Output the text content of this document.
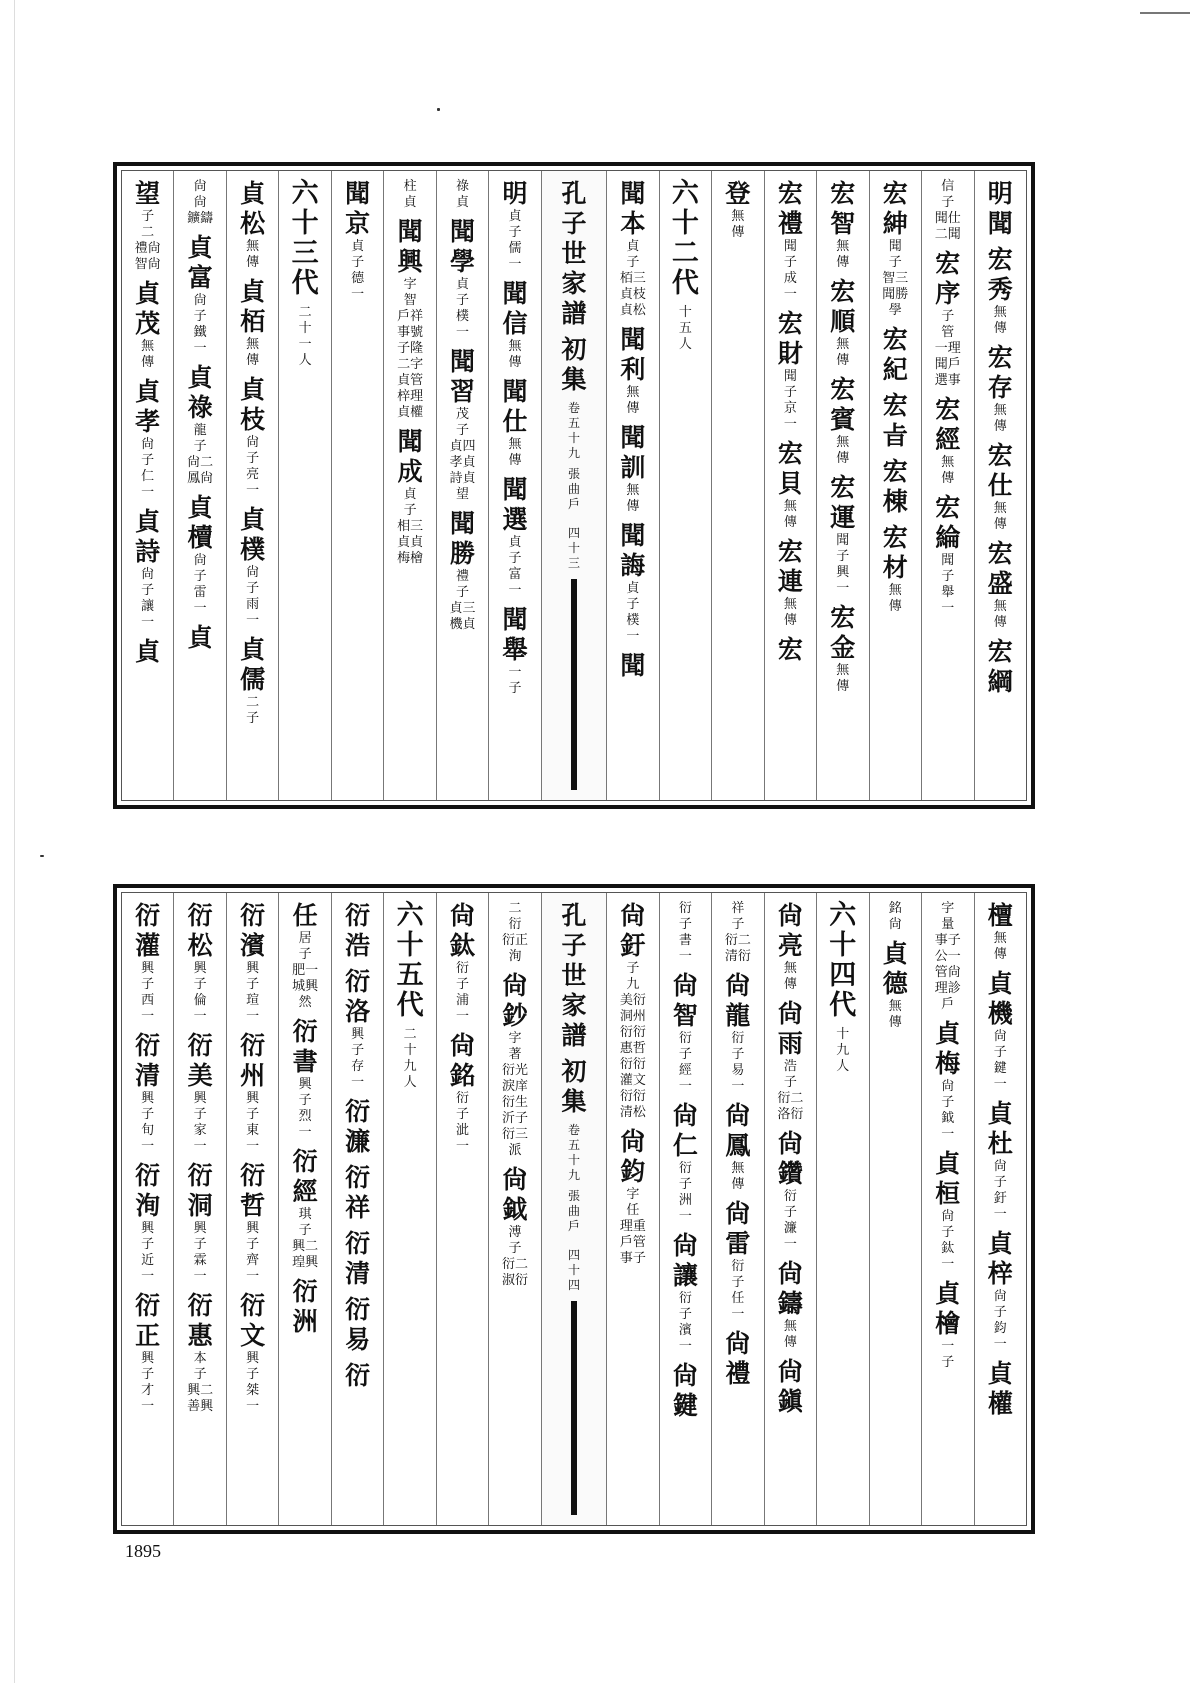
明聞
宏秀
無傳
宏存
無傳
宏仕
無傳
宏盛
無傳
宏綱
信子
聞仕二聞
宏序
子管
一理聞戶選事
宏經
無傳
宏綸
聞子舉一
宏紳
聞子
智三聞勝學
宏紀
宏㫖
宏棟
宏材
無傳
宏智
無傳
宏順
無傳
宏賓
無傳
宏運
聞子興一
宏金
無傳
宏禮
聞子成一
宏財
聞子京一
宏貝
無傳
宏連
無傳
宏
登
無傳
六十二代
十五人
聞本
貞子
栢三貞枝貞松
聞利
無傳
聞訓
無傳
聞誨
貞子樸一
聞
孔子世家譜
初集
卷五十九
張曲戶
四十三
明
貞子儒一
聞信
無傳
聞仕
無傳
聞選
貞子富一
聞舉
一子
祿貞
聞學
貞子樸一
聞習
茂子
貞四孝貞詩貞望
聞勝
禮子
貞三機貞
柱貞
聞興
字智
戶祥事號子隆二字貞管梓理貞權
聞成
貞子
相三貞貞梅檜
聞京
貞子德一
六十三代
二十一人
貞松
無傳
貞栢
無傳
貞枝
尙子亮一
貞樸
尙子雨一
貞儒
二子
尙尙
鑛鑄
貞富
尙子鐵一
貞祿
龍子
尙二鳳尙
貞櫝
尙子雷一
貞
望
子二
禮尙智尙
貞茂
無傳
貞孝
尙子仁一
貞詩
尙子讓一
貞
檀
無傳
貞機
尙子鍵一
貞杜
尙子釪一
貞梓
尙子鈞一
貞權
字量
事子公一管尙理診戶
貞梅
尙子鉞一
貞桓
尙子鈦一
貞檜
一子
銘尙
貞德
無傳
六十四代
十九人
尙亮
無傳
尙雨
浩子
衍二洛衍
尙鑽
衍子濂一
尙鑄
無傳
尙鎭
祥子
衍二清衍
尙龍
衍子易一
尙鳳
無傳
尙雷
衍子任一
尙禮
衍子書一
尙智
衍子經一
尙仁
衍子洲一
尙讓
衍子濱一
尙鍵
尙釪
子九
美衍洞州衍衍惠哲衍衍灌文衍衍清松
尙鈞
字任
理重戶管事子
孔子世家譜
初集
卷五十九
張曲戶
四十四
二衍
衍正洵
尙鈔
字著
衍光淚庠衍生沂子衍三派
尙鉞
溥子
衍二淑衍
尙鈦
衍子浦一
尙銘
衍子泚一
六十五代
二十九人
衍浩
衍洛
興子存一
衍濂
衍祥
衍清
衍易
衍
任
居子
肥一城興然
衍書
興子烈一
衍經
琪子
興二瑝興
衍洲
衍濱
興子瑄一
衍州
興子東一
衍哲
興子齊一
衍文
興子桀一
衍松
興子倫一
衍美
興子家一
衍洞
興子霖一
衍惠
本子
興二善興
衍灌
興子西一
衍清
興子旬一
衍洵
興子近一
衍正
興子才一
1895
